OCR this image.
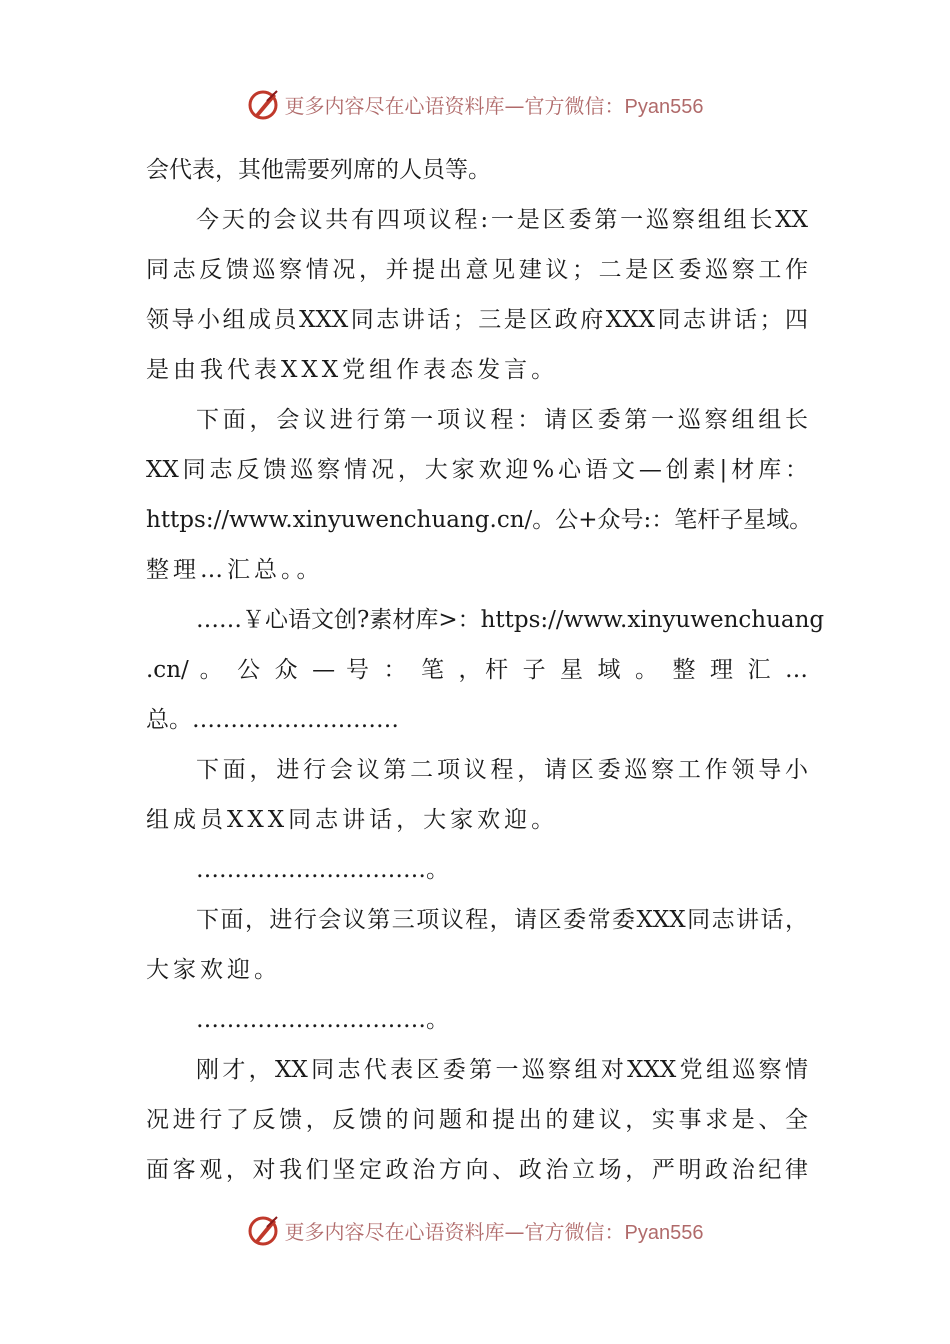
更多内容尽在心语资料库—官方微信：Pyan556
会代表，其他需要列席的人员等。
今天的会议共有四项议程:一是区委第一巡察组组长XX
同志反馈巡察情况，并提出意见建议；二是区委巡察工作
领导小组成员XXX同志讲话；三是区政府XXX同志讲话；四
是由我代表XXX党组作表态发言。
下面，会议进行第一项议程：请区委第一巡察组组长
XX同志反馈巡察情况，大家欢迎%心语文—创素|材库：
https://www.xinyuwenchuang.cn/。公+众号:：笔杆子星域。
整理…汇总。。
……￥心语文创?素材库>：https://www.xinyuwenchuang
.cn/ 。 公 众 — 号 ： 笔 ，杆 子 星 域 。 整 理 汇 …
总。………………………
下面，进行会议第二项议程，请区委巡察工作领导小
组成员XXX同志讲话，大家欢迎。
…………………………。
下面，进行会议第三项议程，请区委常委XXX同志讲话，
大家欢迎。
…………………………。
刚才，XX同志代表区委第一巡察组对XXX党组巡察情
况进行了反馈，反馈的问题和提出的建议，实事求是、全
面客观，对我们坚定政治方向、政治立场，严明政治纪律
更多内容尽在心语资料库—官方微信：Pyan556
